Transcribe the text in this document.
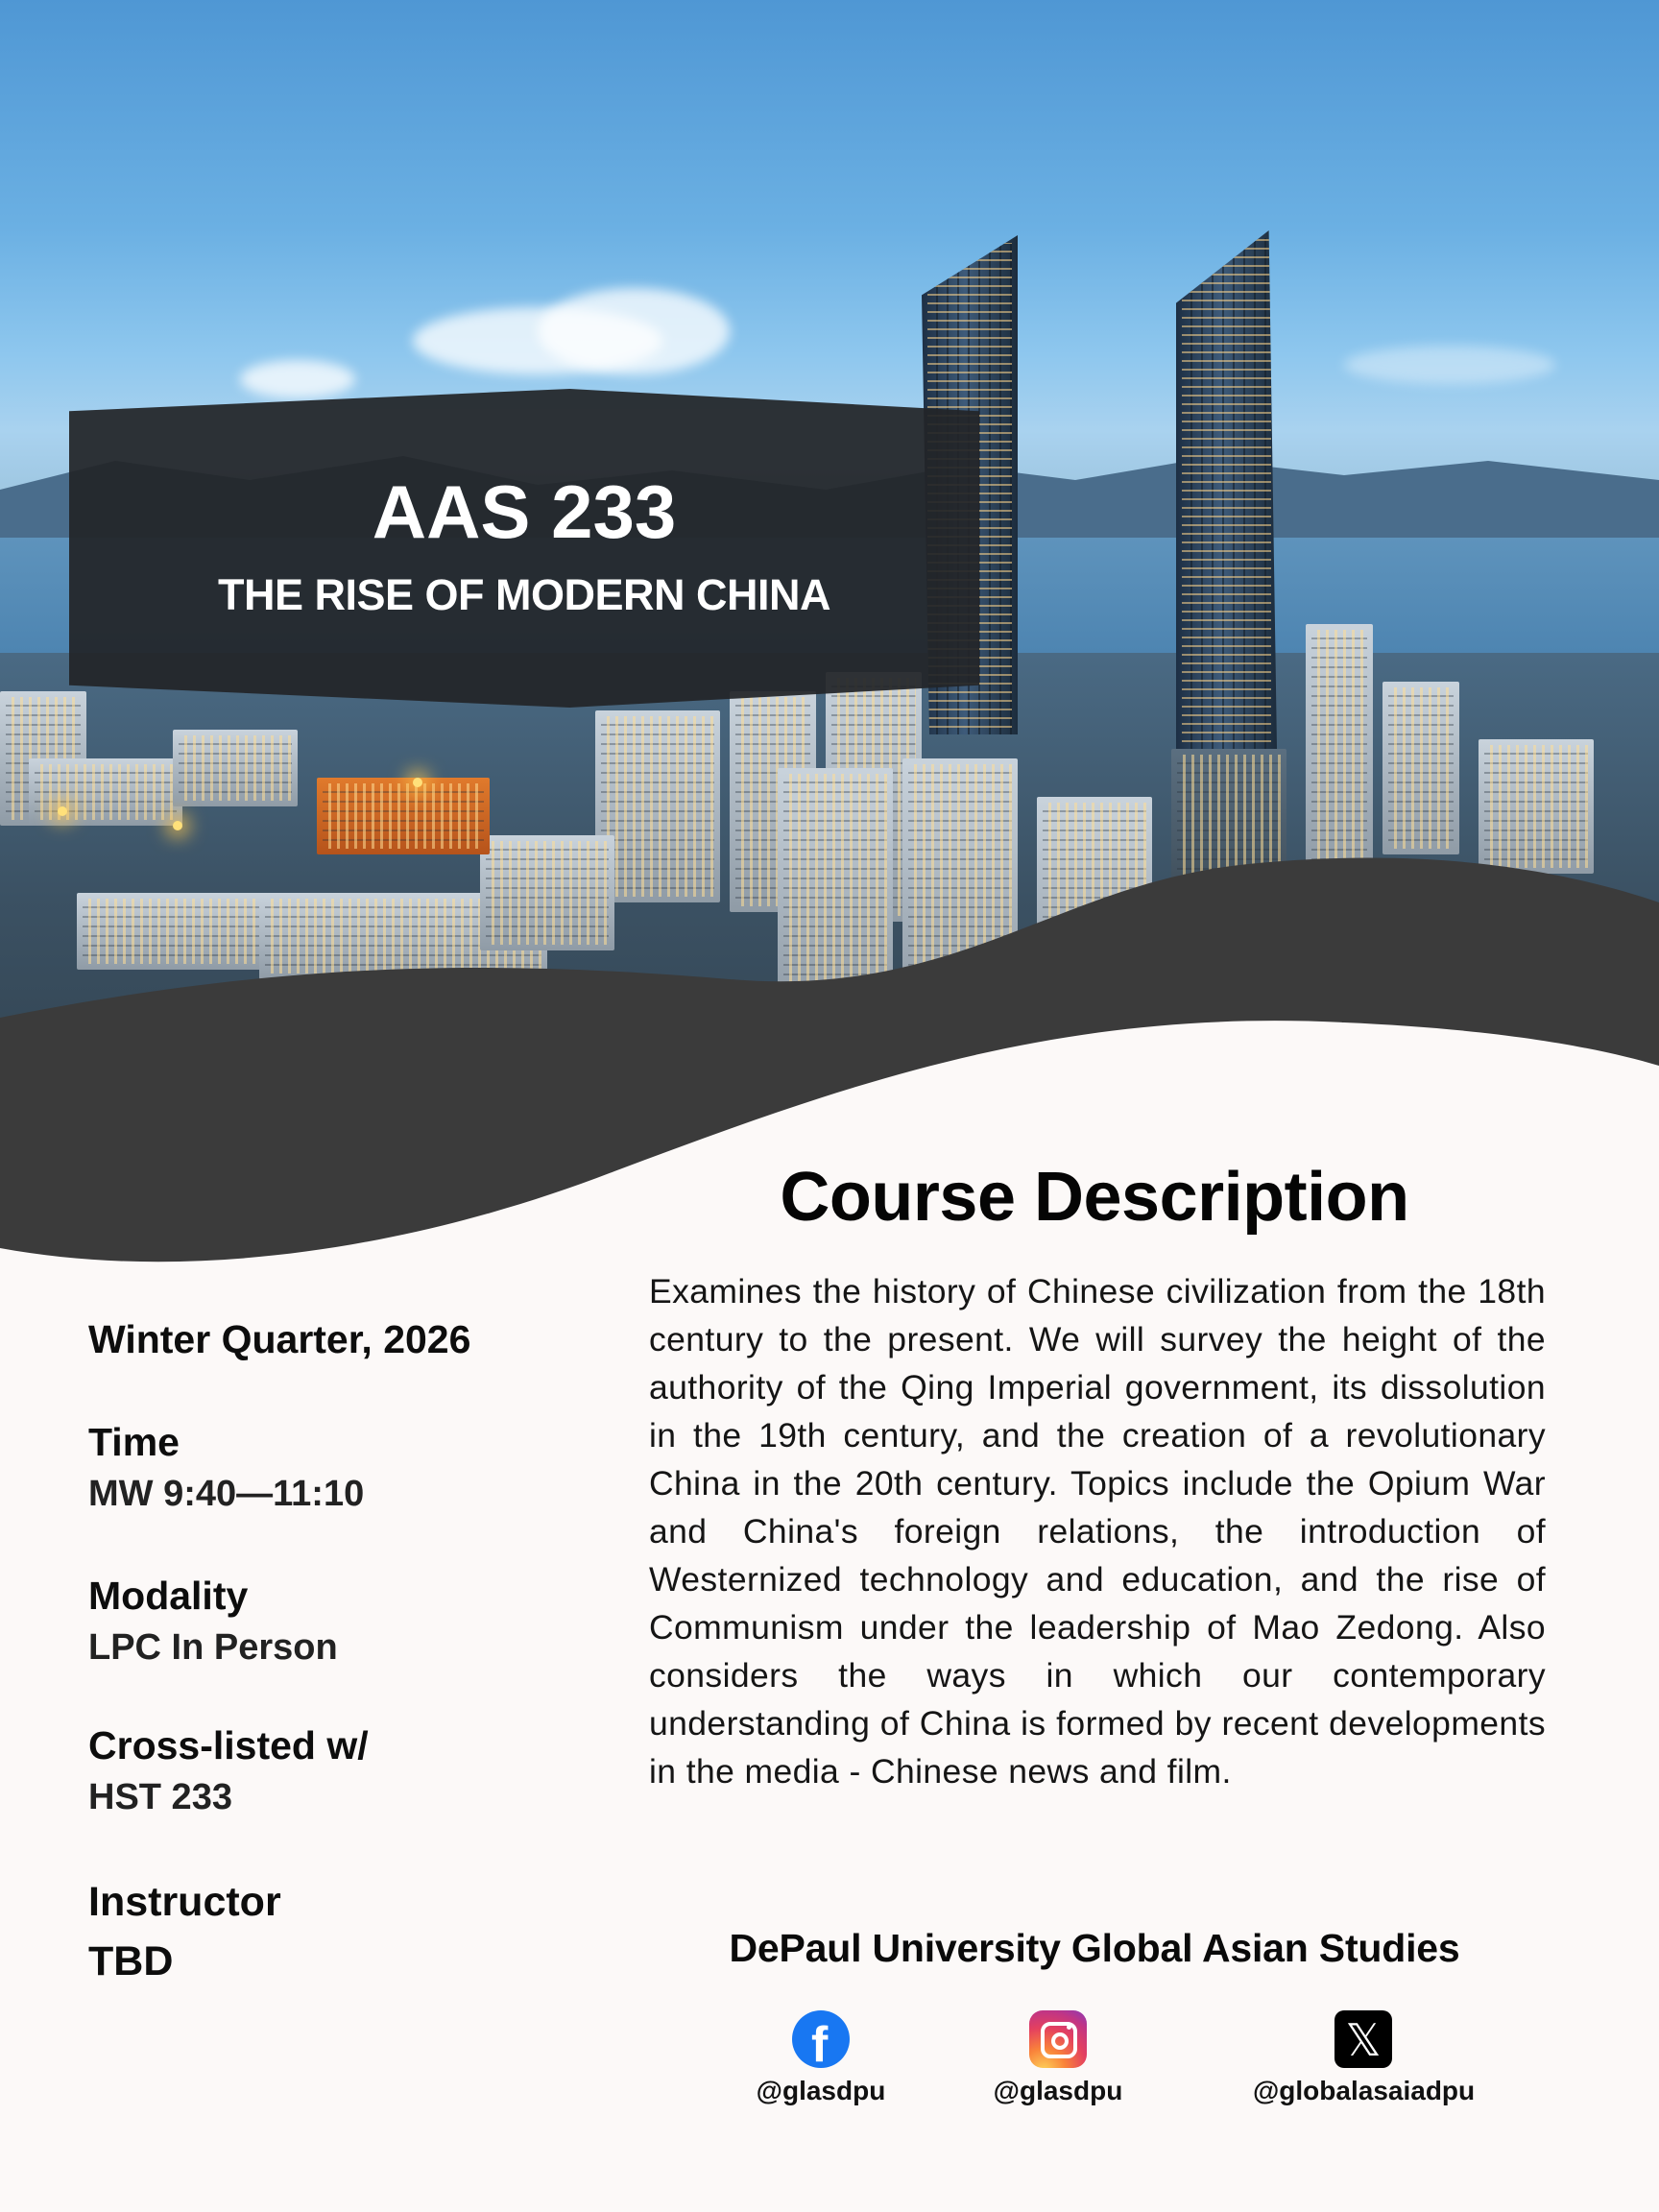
AAS 233
THE RISE OF MODERN CHINA
Winter Quarter, 2026
Time
MW 9:40—11:10
Modality
LPC In Person
Cross-listed w/
HST 233
Instructor
TBD
Course Description
Examines the history of Chinese civilization from the 18th century to the present. We will survey the height of the authority of the Qing Imperial government, its dissolution in the 19th century, and the creation of a revolutionary China in the 20th century. Topics include the Opium War and China's foreign relations, the introduction of Westernized technology and education, and the rise of Communism under the leadership of Mao Zedong. Also considers the ways in which our contemporary understanding of China is formed by recent developments in the media - Chinese news and film.
DePaul University Global Asian Studies
f
@glasdpu	@glasdpu
𝕏
@globalasaiadpu
